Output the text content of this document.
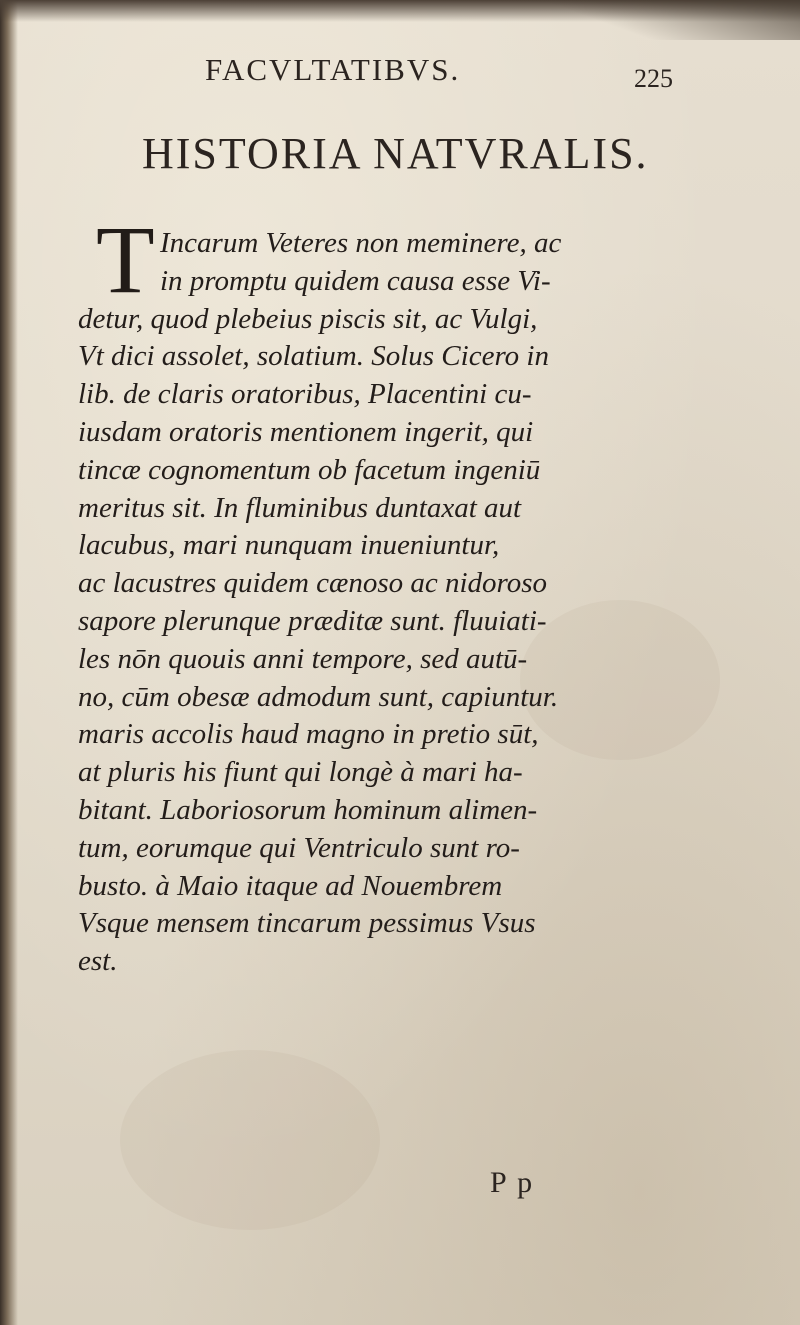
FACVLTATIBVS.	225
HISTORIA NATVRALIS.
T Incarum Veteres non meminere, ac
in promptu quidem causa esse Vi-
detur, quod plebeius piscis sit, ac Vulgi,
Vt dici assolet, solatium. Solus Cicero in
lib. de claris oratoribus, Placentini cu-
iusdam oratoris mentionem ingerit, qui
tincæ cognomentum ob facetum ingeniū
meritus sit. In fluminibus duntaxat aut
lacubus, mari nunquam inueniuntur,
ac lacustres quidem cænoso ac nidoroso
sapore plerunque præditæ sunt. fluuiati-
les nōn quouis anni tempore, sed autū-
no, cūm obesæ admodum sunt, capiuntur.
maris accolis haud magno in pretio sūt,
at pluris his fiunt qui longè à mari ha-
bitant. Laboriosorum hominum alimen-
tum, eorumque qui Ventriculo sunt ro-
busto. à Maio itaque ad Nouembrem
Vsque mensem tincarum pessimus Vsus
est.
P p
